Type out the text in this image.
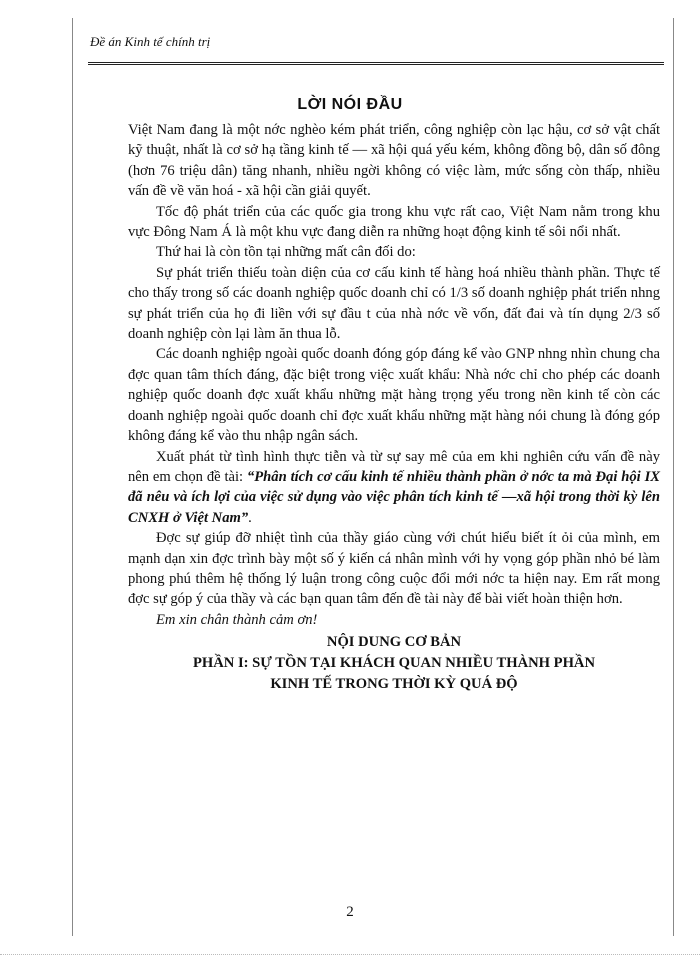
Đề án Kinh tế chính trị
LỜI NÓI ĐẦU

Việt Nam đang là một nớc nghèo kém phát triển, công nghiệp còn lạc hậu, cơ sở vật chất kỹ thuật, nhất là cơ sở hạ tầng kinh tế — xã hội quá yếu kém, không đồng bộ, dân số đông (hơn 76 triệu dân) tăng nhanh, nhiều ngời không có việc làm, mức sống còn thấp, nhiều vấn đề về văn hoá - xã hội cần giải quyết.

Tốc độ phát triển của các quốc gia trong khu vực rất cao, Việt Nam nằm trong khu vực Đông Nam Á là một khu vực đang diễn ra những hoạt động kinh tế sôi nổi nhất.

Thứ hai là còn tồn tại những mất cân đối do:

Sự phát triển thiếu toàn diện của cơ cấu kinh tế hàng hoá nhiều thành phần. Thực tế cho thấy trong số các doanh nghiệp quốc doanh chỉ có 1/3 số doanh nghiệp phát triển nhng sự phát triển của họ đi liền với sự đầu t của nhà nớc về vốn, đất đai và tín dụng 2/3 số doanh nghiệp còn lại làm ăn thua lỗ.

Các doanh nghiệp ngoài quốc doanh đóng góp đáng kể vào GNP nhng nhìn chung cha đợc quan tâm thích đáng, đặc biệt trong việc xuất khẩu: Nhà nớc chỉ cho phép các doanh nghiệp quốc doanh đợc xuất khẩu những mặt hàng trọng yếu trong nền kinh tế còn các doanh nghiệp ngoài quốc doanh chỉ đợc xuất khẩu những mặt hàng nói chung là đóng góp không đáng kể vào thu nhập ngân sách.

Xuất phát từ tình hình thực tiễn và từ sự say mê của em khi nghiên cứu vấn đề này nên em chọn đề tài: “Phân tích cơ cấu kinh tế nhiều thành phần ở nớc ta mà Đại hội IX đã nêu và ích lợi của việc sử dụng vào việc phân tích kinh tế —xã hội trong thời kỳ lên CNXH ở Việt Nam”.

Đợc sự giúp đỡ nhiệt tình của thầy giáo cùng với chút hiểu biết ít ỏi của mình, em mạnh dạn xin đợc trình bày một số ý kiến cá nhân mình với hy vọng góp phần nhỏ bé làm phong phú thêm hệ thống lý luận trong công cuộc đổi mới nớc ta hiện nay. Em rất mong đợc sự góp ý của thầy và các bạn quan tâm đến đề tài này để bài viết hoàn thiện hơn.

Em xin chân thành cảm ơn!

NỘI DUNG CƠ BẢN

PHẦN I: SỰ TỒN TẠI KHÁCH QUAN NHIỀU THÀNH PHẦN

KINH TẾ TRONG THỜI KỲ QUÁ ĐỘ

2
